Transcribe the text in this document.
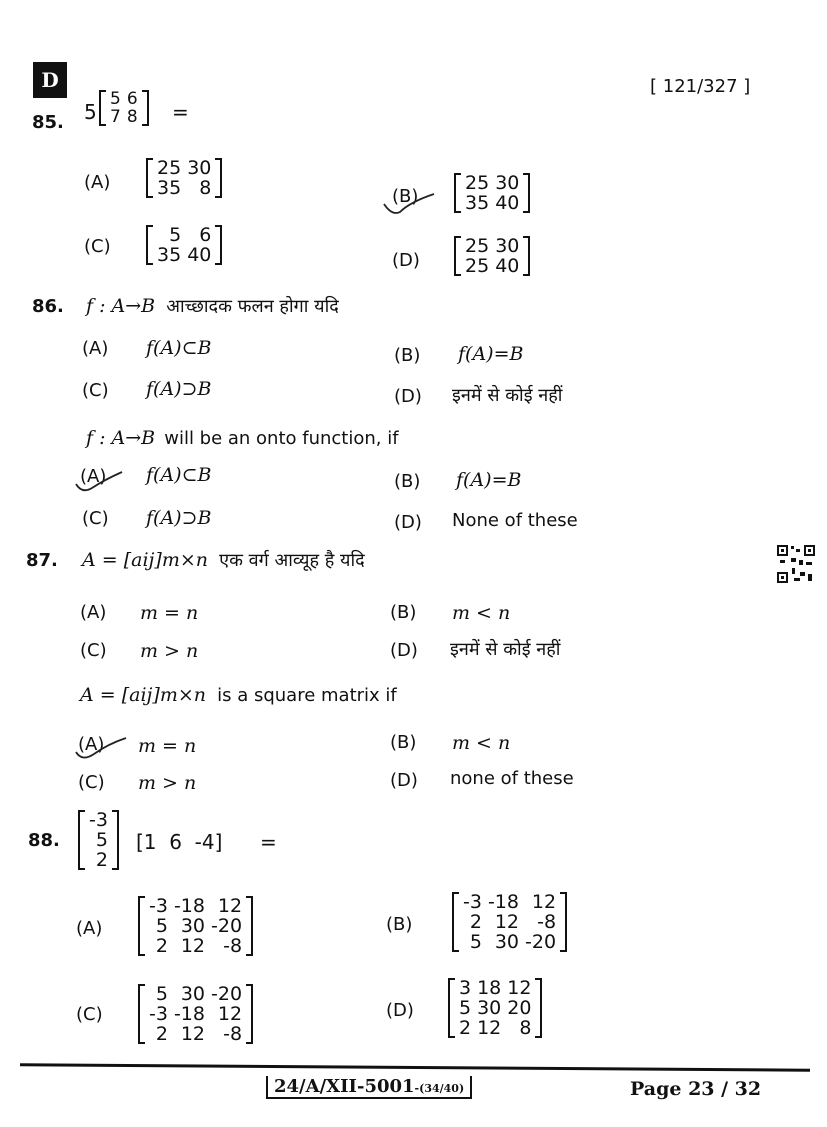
D	[ 121/327 ]
85. 5
5	6
7	8 =
(A)
25	30
35	8	(B)
25	30
35	40
(C)
5	6
35	40	(D)
25	30
25	40
86. f : A→B आच्छादक फलन होगा यदि
(A) f(A)⊂B	(B) f(A)=B
(C) f(A)⊃B	(D) इनमें से कोई नहीं
f : A→B will be an onto function, if
(A) f(A)⊂B	(B) f(A)=B
(C) f(A)⊃B	(D) None of these
87. A = [aij]m×n एक वर्ग आव्यूह है यदि
(A) m = n	(B) m < n
(C) m > n	(D) इनमें से कोई नहीं
A = [aij]m×n is a square matrix if
(A) m = n	(B) m < n
(C) m > n	(D) none of these
88.
-3
5
2
[1  6  -4] =
(A)
-3	-18	12
5	30	-20
2	12	-8
(B)
-3	-18	12
2	12	-8
5	30	-20
(C)
5	30	-20
-3	-18	12
2	12	-8
(D)
3	18	12
5	30	20
2	12	8
24/A/XII-5001-(34/40)	Page 23 / 32
